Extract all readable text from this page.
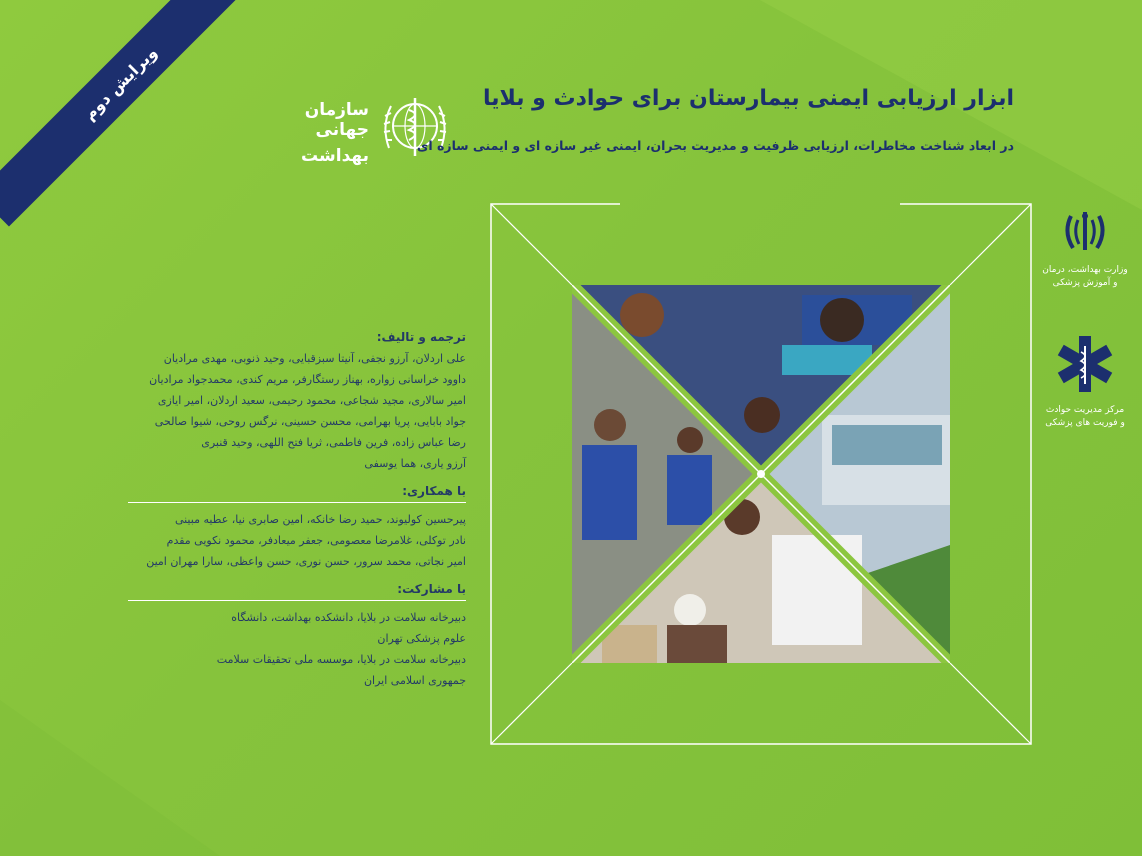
ویرایش دوم	سازمان جهانی
بهداشت
ابزار ارزیابی ایمنی بیمارستان برای حوادث و بلایا
در ابعاد شناخت مخاطرات، ارزیابی ظرفیت و مدیریت بحران، ایمنی غیر سازه ای و ایمنی سازه ای
وزارت بهداشت، درمان
و آموزش پزشکی
مرکز مدیریت حوادث
و فوریت های پزشکی
ترجمه و تالیف:
علی اردلان، آرزو نجفی، آنیتا سبزقبایی، وحید ذنوبی، مهدی مرادیان
داوود خراسانی زواره، بهناز رستگارفر، مریم کندی، محمدجواد مرادیان
امیر سالاری، مجید شجاعی، محمود رحیمی، سعید اردلان، امیر ایازی
جواد بابایی، پریا بهرامی، محسن حسینی، نرگس روحی، شیوا صالحی
رضا عباس زاده، فرین فاطمی، ثریا فتح اللهی، وحید قنبری
آرزو یاری، هما یوسفی
با همکاری:
پیرحسین کولیوند، حمید رضا خانکه، امین صابری نیا، عطیه مبینی
نادر توکلی، غلامرضا معصومی، جعفر میعادفر، محمود نکویی مقدم
امیر نجاتی، محمد سرور، حسن نوری، حسن واعظی، سارا مهران امین
با مشارکت:
دبیرخانه سلامت در بلایا، دانشکده بهداشت، دانشگاه
علوم پزشکی تهران
دبیرخانه سلامت در بلایا، موسسه ملی تحقیقات سلامت
جمهوری اسلامی ایران
